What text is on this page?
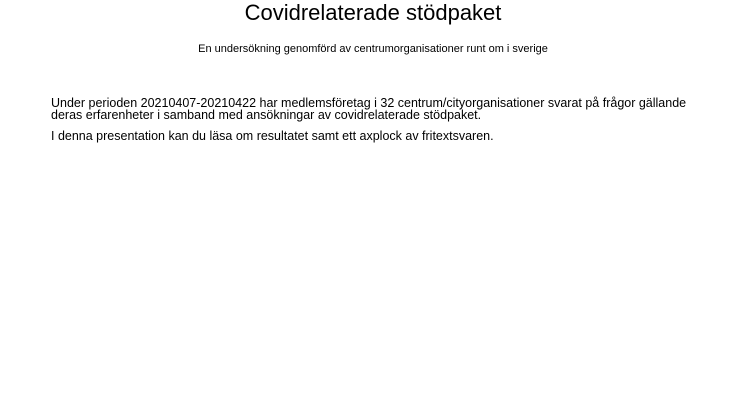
Covidrelaterade stödpaket

En undersökning genomförd av centrumorganisationer runt om i sverige

Under perioden 20210407-20210422 har medlemsföretag i 32 centrum/cityorganisationer svarat på frågor gällande deras erfarenheter i samband med ansökningar av covidrelaterade stödpaket.

I denna presentation kan du läsa om resultatet samt ett axplock av fritextsvaren.
